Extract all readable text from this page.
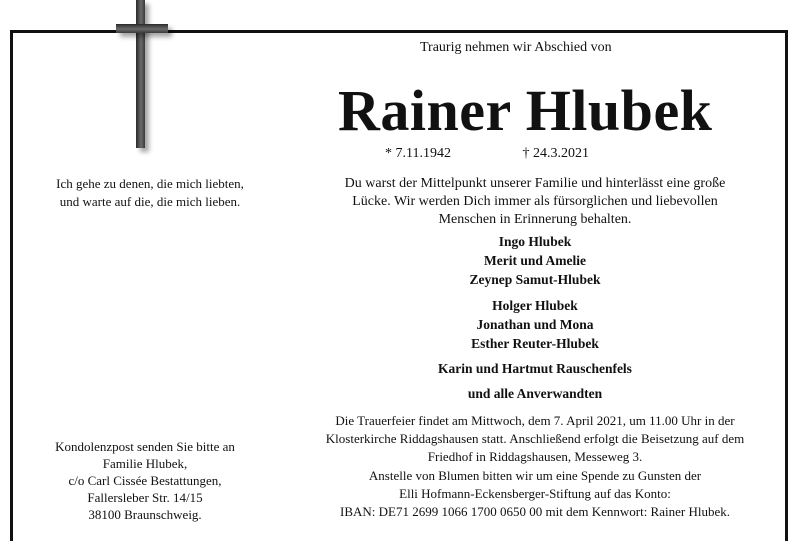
Traurig nehmen wir Abschied von
Rainer Hlubek
* 7.11.1942	† 24.3.2021
Ich gehe zu denen, die mich liebten,
und warte auf die, die mich lieben.
Du warst der Mittelpunkt unserer Familie und hinterlässt eine große
Lücke. Wir werden Dich immer als fürsorglichen und liebevollen
Menschen in Erinnerung behalten.
Ingo Hlubek
Merit und Amelie
Zeynep Samut-Hlubek
Holger Hlubek
Jonathan und Mona
Esther Reuter-Hlubek
Karin und Hartmut Rauschenfels
und alle Anverwandten
Die Trauerfeier findet am Mittwoch, dem 7. April 2021, um 11.00 Uhr in der
Klosterkirche Riddagshausen statt. Anschließend erfolgt die Beisetzung auf dem
Friedhof in Riddagshausen, Messeweg 3.
Anstelle von Blumen bitten wir um eine Spende zu Gunsten der
Elli Hofmann-Eckensberger-Stiftung auf das Konto:
IBAN: DE71 2699 1066 1700 0650 00 mit dem Kennwort: Rainer Hlubek.
Kondolenzpost senden Sie bitte an
Familie Hlubek,
c/o Carl Cissée Bestattungen,
Fallersleber Str. 14/15
38100 Braunschweig.
